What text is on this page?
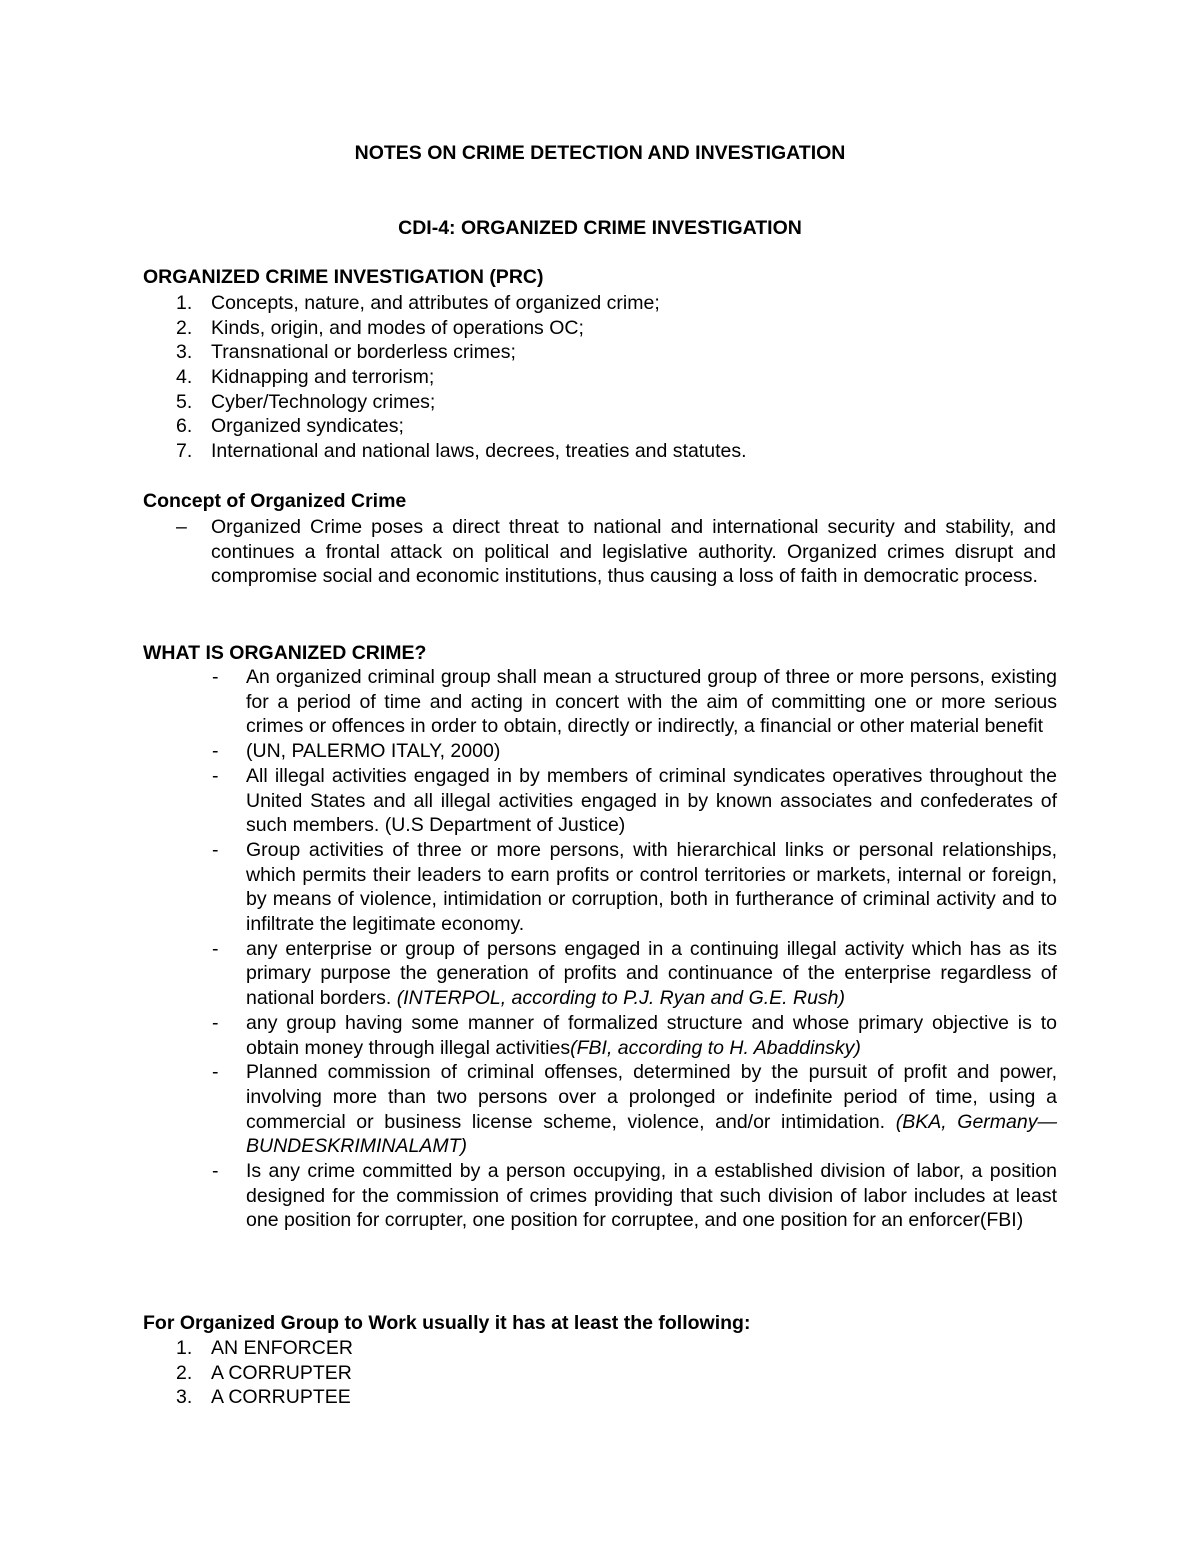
NOTES ON CRIME DETECTION AND INVESTIGATION
CDI-4: ORGANIZED CRIME INVESTIGATION
ORGANIZED CRIME INVESTIGATION (PRC)
1. Concepts, nature, and attributes of organized crime;
2. Kinds, origin, and modes of operations OC;
3. Transnational or borderless crimes;
4. Kidnapping and terrorism;
5. Cyber/Technology crimes;
6. Organized syndicates;
7. International and national laws, decrees, treaties and statutes.
Concept of Organized Crime
–	Organized Crime poses a direct threat to national and international security and stability, and continues a frontal attack on political and legislative authority. Organized crimes disrupt and compromise social and economic institutions, thus causing a loss of faith in democratic process.
WHAT IS ORGANIZED CRIME?
-	An organized criminal group shall mean a structured group of three or more persons, existing for a period of time and acting in concert with the aim of committing one or more serious crimes or offences in order to obtain, directly or indirectly, a financial or other material benefit
-	(UN, PALERMO ITALY, 2000)
-	All illegal activities engaged in by members of criminal syndicates operatives throughout the United States and all illegal activities engaged in by known associates and confederates of such members. (U.S Department of Justice)
-	Group activities of three or more persons, with hierarchical links or personal relationships, which permits their leaders to earn profits or control territories or markets, internal or foreign, by means of violence, intimidation or corruption, both in furtherance of criminal activity and to infiltrate the legitimate economy.
-	any enterprise or group of persons engaged in a continuing illegal activity which has as its primary purpose the generation of profits and continuance of the enterprise regardless of national borders. (INTERPOL, according to P.J. Ryan and G.E. Rush)
-	any group having some manner of formalized structure and whose primary objective is to obtain money through illegal activities(FBI, according to H. Abaddinsky)
-	Planned commission of criminal offenses, determined by the pursuit of profit and power, involving more than two persons over a prolonged or indefinite period of time, using a commercial or business license scheme, violence, and/or intimidation. (BKA, Germany—BUNDESKRIMINALAMT)
-	Is any crime committed by a person occupying, in a established division of labor, a position designed for the commission of crimes providing that such division of labor includes at least one position for corrupter, one position for corruptee, and one position for an enforcer(FBI)
For Organized Group to Work usually it has at least the following:
1. AN ENFORCER
2. A CORRUPTER
3. A CORRUPTEE
